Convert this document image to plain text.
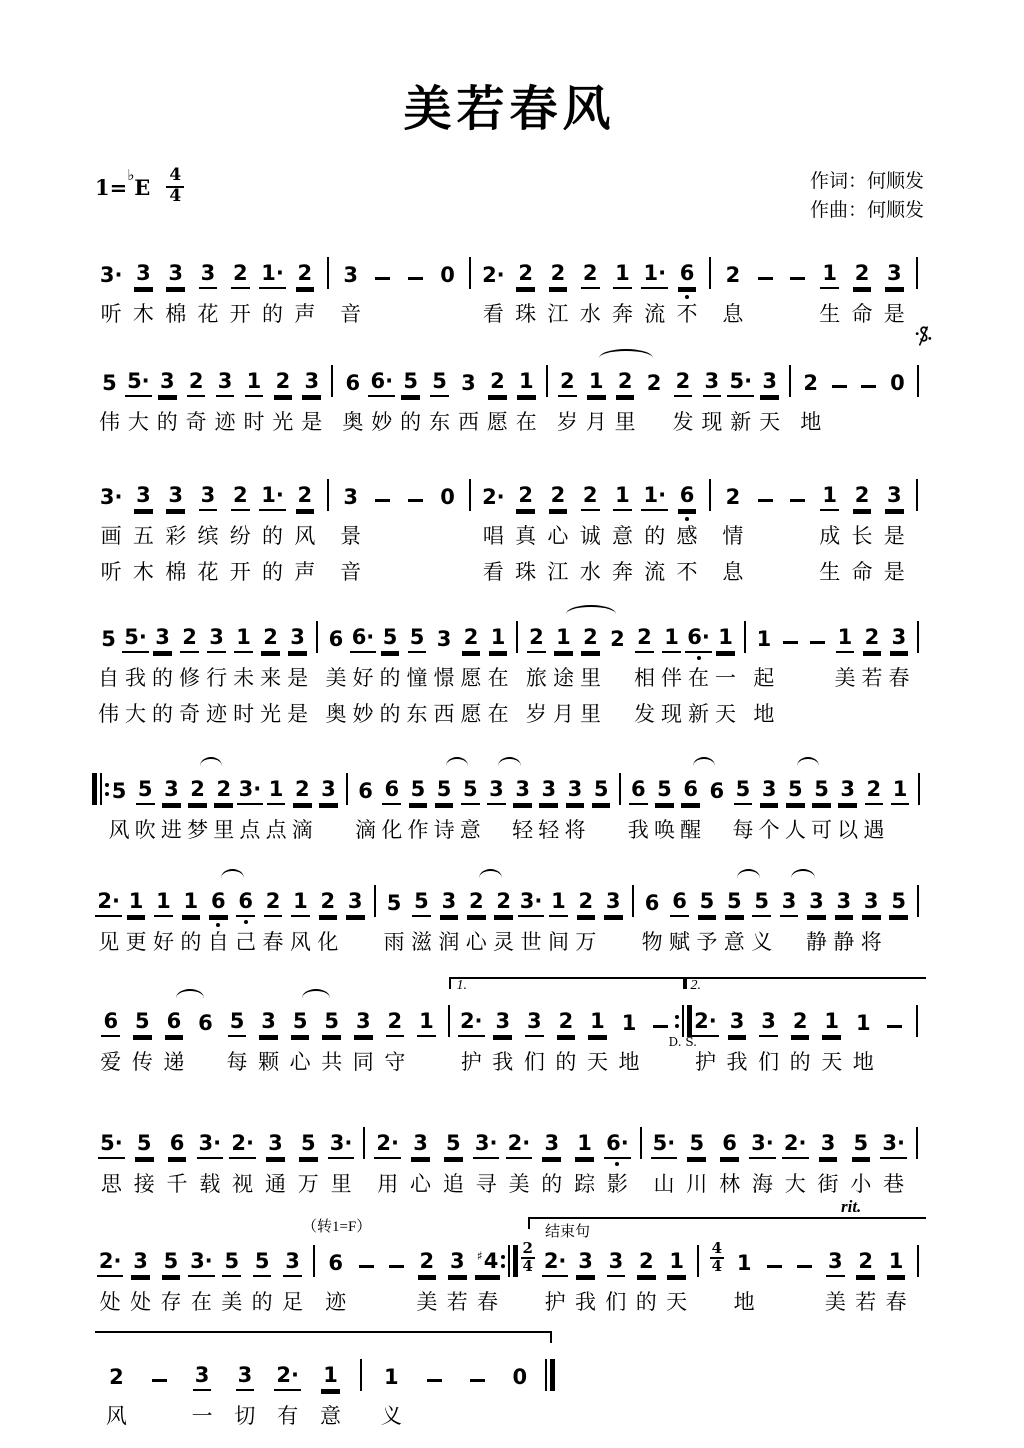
美若春风
$1=^♭E \frac{4}{4}$	作词：何顺发
作曲：何顺发
3· 3 3 3 2 1· 2 3	0 2· 2 2 2 1 1· 6 2	1 2 3
听 木 棉 花 开 的 声 音	看 珠 江 水 奔 流 不 息	生 命 是
5 5· 3 2 3 1 2 3 6 6· 5 5 3 2 1 2 1 2 2 2 3 5· 3 2	0
伟 大 的 奇 迹 时 光 是 奥 妙 的 东 西 愿 在 岁 月 里 发 现 新 天 地
3· 3 3 3 2 1· 2 3	0 2· 2 2 2 1 1· 6 2	1 2 3
画 五 彩 缤 纷 的 风 景	唱 真 心 诚 意 的 感 情	成 长 是
听 木 棉 花 开 的 声 音	看 珠 江 水 奔 流 不 息	生 命 是
5 5· 3 2 3 1 2 3 6 6· 5 5 3 2 1 2 1 2 2 2 1 6· 1 1	1 2 3
自 我 的 修 行 未 来 是 美 好 的 憧 憬 愿 在 旅 途 里 相 伴 在 一 起	美 若 春
伟 大 的 奇 迹 时 光 是 奥 妙 的 东 西 愿 在 岁 月 里 发 现 新 天 地
5 5 3 2 2 3· 1 2 3 6 6 5 5 5 3 3 3 3 5 6 5 6 6 5 3 5 5 3 2 1
风 吹 进 梦 里 点 点 滴 滴 化 作 诗 意 轻 轻 将 我 唤 醒 每 个 人 可 以 遇
2· 1 1 1 6 6 2 1 2 3 5 5 3 2 2 3· 1 2 3 6 6 5 5 5 3 3 3 3 5
见 更 好 的 自 己 春 风 化 雨 滋 润 心 灵 世 间 万 物 赋 予 意 义 静 静 将
6 5 6 6 5 3 5 5 3 2 1 2· 3 3 2 1 1	2· 3 3 2 1 1
爱 传 递 每 颗 心 共 同 守	护 我 们 的 天 地	护 我 们 的 天 地
1.	2.
D. S.
5· 5 6 3· 2· 3 5 3· 2· 3 5 3· 2· 3 1 6· 5· 5 6 3· 2· 3 5 3·
思 接 千 载 视 通 万 里 用 心 追 寻 美 的 踪 影 山 川 林 海 大 街 小 巷
2· 3 5 3· 5 5 3 6	2 3 $^♯4 \frac{2}{4} 2\cdot 3$ 3 2 $1 \frac{4}{4} 1$	3 2 1
处 处 存 在 美 的 足 迹	美 若 春 护 我 们 的 天 地	美 若 春
（转1=F）	结束句
rit.
2	3 3 2· 1 1	0
风	一 切 有 意 义
